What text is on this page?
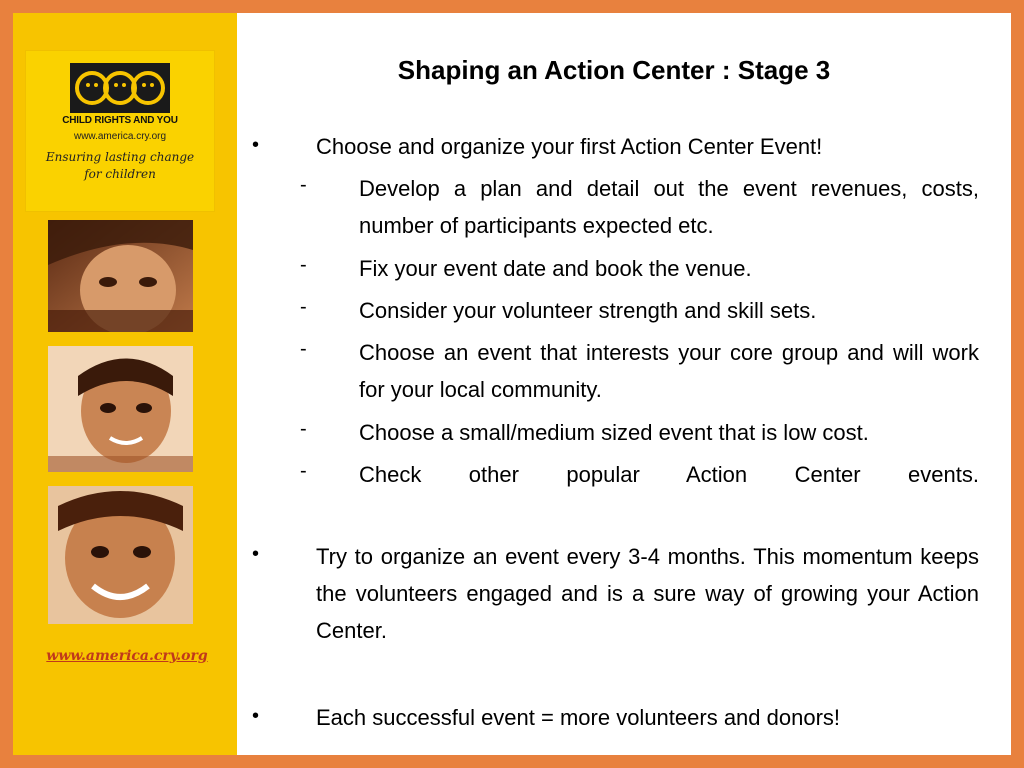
CHILD RIGHTS AND YOU
www.america.cry.org
Ensuring lasting change
for children
www.america.cry.org
Shaping an Action Center : Stage 3
•	Choose and organize your first Action Center Event!
- Develop a plan and detail out the event revenues, costs, number of participants expected etc.
- Fix your event date and book the venue.
- Consider your volunteer strength and skill sets.
- Choose an event that interests your core group and will work for your local community.
- Choose a small/medium sized event that is low cost.
- Check other popular Action Center events.
•	Try to organize an event every 3-4 months. This momentum keeps the volunteers engaged and is a sure way of growing your Action Center.
•	Each successful event = more volunteers and donors!
